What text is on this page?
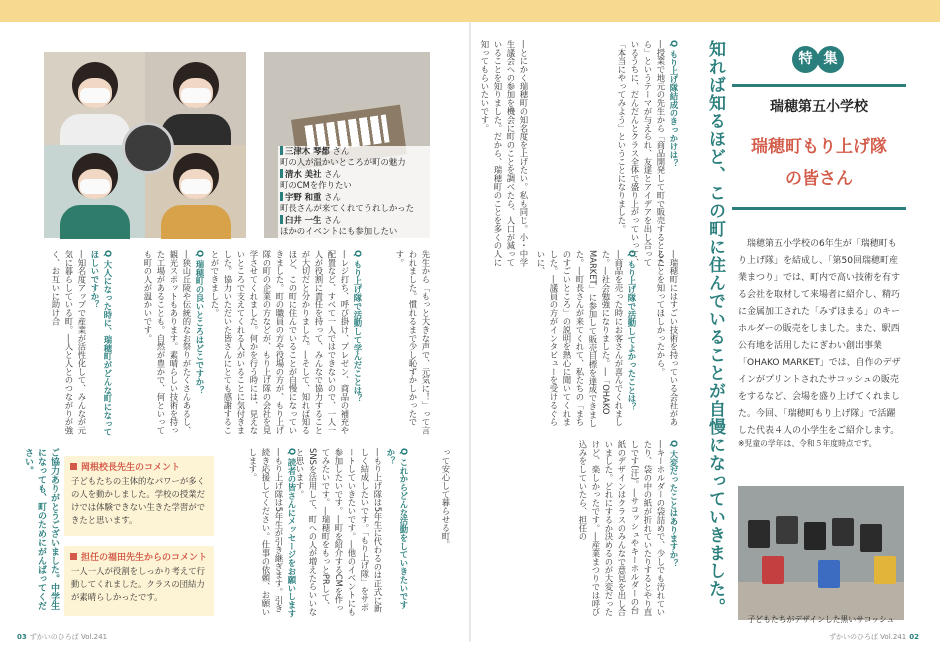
三津木 琴都 さん
町の人が温かいところが町の魅力
清水 美社 さん
町のCMを作りたい
宇野 和重 さん
町長さんが来てくれてうれしかった
臼井 一生 さん
ほかのイベントにも参加したい
先生から「もっと大きな声で、元気に！」って言われました。慣れるまで少し恥ずかしかったです。
Q もり上げ隊で活動して学んだことは？
―レジ打ち、呼び掛け、プレゼン、商品の補充や配置など、すべて一人ではできないので、一人一人が役割に責任を持って、みんなで協力することが大切だと分かりました。―そして、知れば知るほど、この町に住んでいることが自慢になっていきました。町の職員の方や役場の方が、もり上げ隊の町の企業の方などが、もり上げ隊の会社を見学させてくれました。何かを行う時には、見えないところで支えてくれる人がいることに気付きました。協力いただいた皆さんにとても感謝することができました。
Q 瑞穂町の良いところはどこですか？
―狭山丘陵や伝統的なお祭りがたくさんあるし、観光スポットもあります。素晴らしい技術を持った工場があることも。自然が豊かで、何といっても町の人が温かいです。
Q 大人になった時に、瑞穂町がどんな町になってほしいですか？
―知名度アップで産業が活性化して、みんなが元気に暮らしている町。―人と人とのつながりが強く、お互いに助け合
って安心して暮らせる町。
Q これからどんな活動をしていきたいですか？
―もり上げ隊は5年生に代わるのは正式に新しく結成したいです。「もり上げ隊」をサポートしていきたいです。―他のイベントにも参加したいです。―町を紹介するCMを作ってみたいです。―瑞穂町をもっとPRして、SNSを活用して、町への人が増えたらいいなと思います。
Q 読者の皆さんにメッセージをお願いします
―もり上げ隊は5年生が引き継ぎます。引き続き応援してください。仕事の依頼、お願いします。
岡根校長先生のコメント
子どもたちの主体的なパワーが多くの人を動かしました。学校の授業だけでは体験できない生きた学習ができたと思います。
担任の福田先生からのコメント
一人一人が役割をしっかり考えて行動してくれました。クラスの団結力が素晴らしかったです。
ご協力ありがとうございました。中学生になっても、町のためにがんばってください。	知れば知るほど、この町に住んでいることが自慢になっていきました。
Q もり上げ隊結成のきっかけは？
―授業で地元の先生から「商品開発して町で販売するとしたら」というテーマが与えられ、友達とアイデアを出し合っているうちに、だんだんとクラス全体で盛り上がっていって、「本当にやってみよう」ということになりました。
―とにかく瑞穂町の知名度を上げたい。私も同じ。小・中学生議会への参加を機会に町のことを調べたら、人口が減っていることを知りました。だから、瑞穂町のことを多くの人に知ってもらいたいです。
―瑞穂町にはすごい技術を持っている会社があることを知ってほしかったから。
Q もり上げ隊で活動してよかったことは？
―商品を売った時にお客さんが喜んでくれました。―社会勉強になりました。―「OHAKO MARKET」に参加して販売目標を達成できました。―町長さんが来てくれて、私たちの「まちのすごいところ」の説明を熱心に聞いてくれました。―議員の方がインタビューを受けるぐらいに、
Q 大変だったことはありますか？
―キーホルダーの袋詰めで、少しでも汚れていたり、袋の中の紙が折れていたりするとやり直しです(汗)。―サコッシュやキーホルダーの台紙のデザインはクラスのみんなで意見を出し合いました。どれにするか決めるのが大変だったけど、楽しかったです。―産業まつりでは呼び込みをしていたら、担任の
特 集
瑞穂第五小学校
瑞穂町もり上げ隊
の皆さん
瑞穂第五小学校の6年生が「瑞穂町もり上げ隊」を結成し、「第50回瑞穂町産業まつり」では、町内で高い技術を有する会社を取材して来場者に紹介し、精巧に金属加工された「みずほまる」のキーホルダーの販売をしました。また、駅西公有地を活用したにぎわい創出事業「OHAKO MARKET」では、自作のデザインがプリントされたサコッシュの販売をするなど、会場を盛り上げてくれました。今回、「瑞穂町もり上げ隊」で活躍した代表４人の小学生をご紹介します。
※児童の学年は、令和５年度時点です。
子どもたちがデザインした黒いサコッシュ
03 ずかいのひろば Vol.241	ずかいのひろば Vol.241 02
